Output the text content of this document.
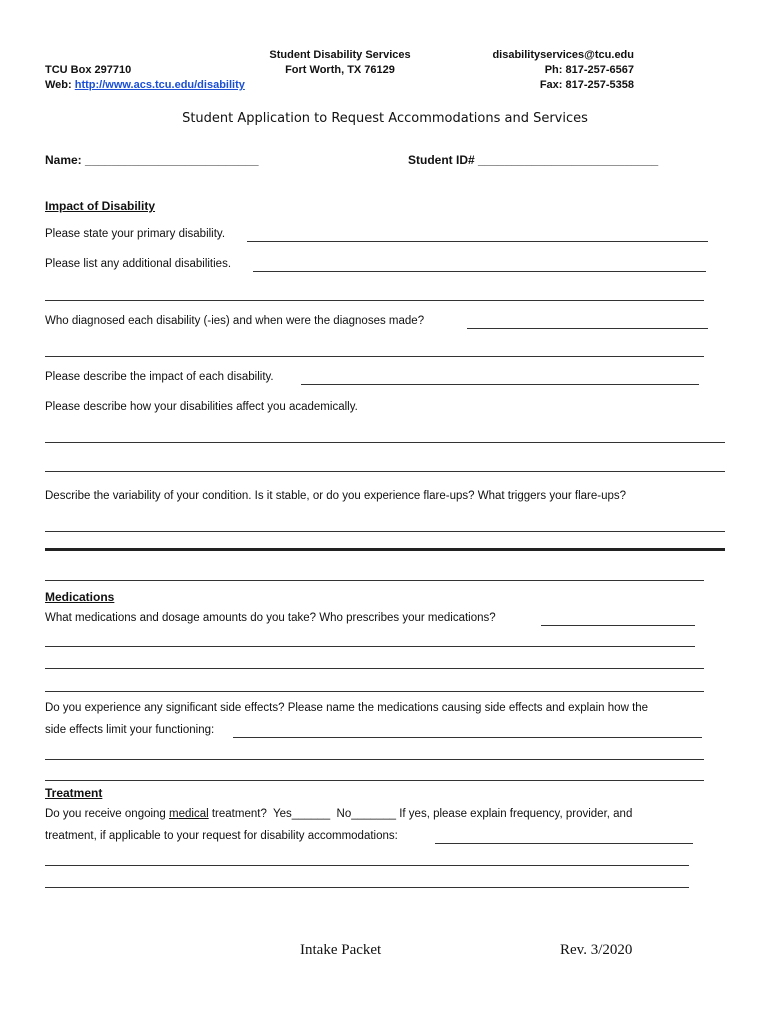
TCU Box 297710
Web: http://www.acs.tcu.edu/disability
Student Disability Services
Fort Worth, TX 76129
disabilityservices@tcu.edu
Ph: 817-257-6567
Fax: 817-257-5358
Student Application to Request Accommodations and Services
Name: __________________________	Student ID# ___________________________
Impact of Disability
Please state your primary disability.
Please list any additional disabilities.
Who diagnosed each disability (-ies) and when were the diagnoses made?
Please describe the impact of each disability.
Please describe how your disabilities affect you academically.
Describe the variability of your condition. Is it stable, or do you experience flare-ups? What triggers your flare-ups?
Medications
What medications and dosage amounts do you take? Who prescribes your medications?
Do you experience any significant side effects? Please name the medications causing side effects and explain how the
side effects limit your functioning:
Treatment
Do you receive ongoing medical treatment?  Yes______  No_______ If yes, please explain frequency, provider, and
treatment, if applicable to your request for disability accommodations:
Intake Packet	Rev. 3/2020
